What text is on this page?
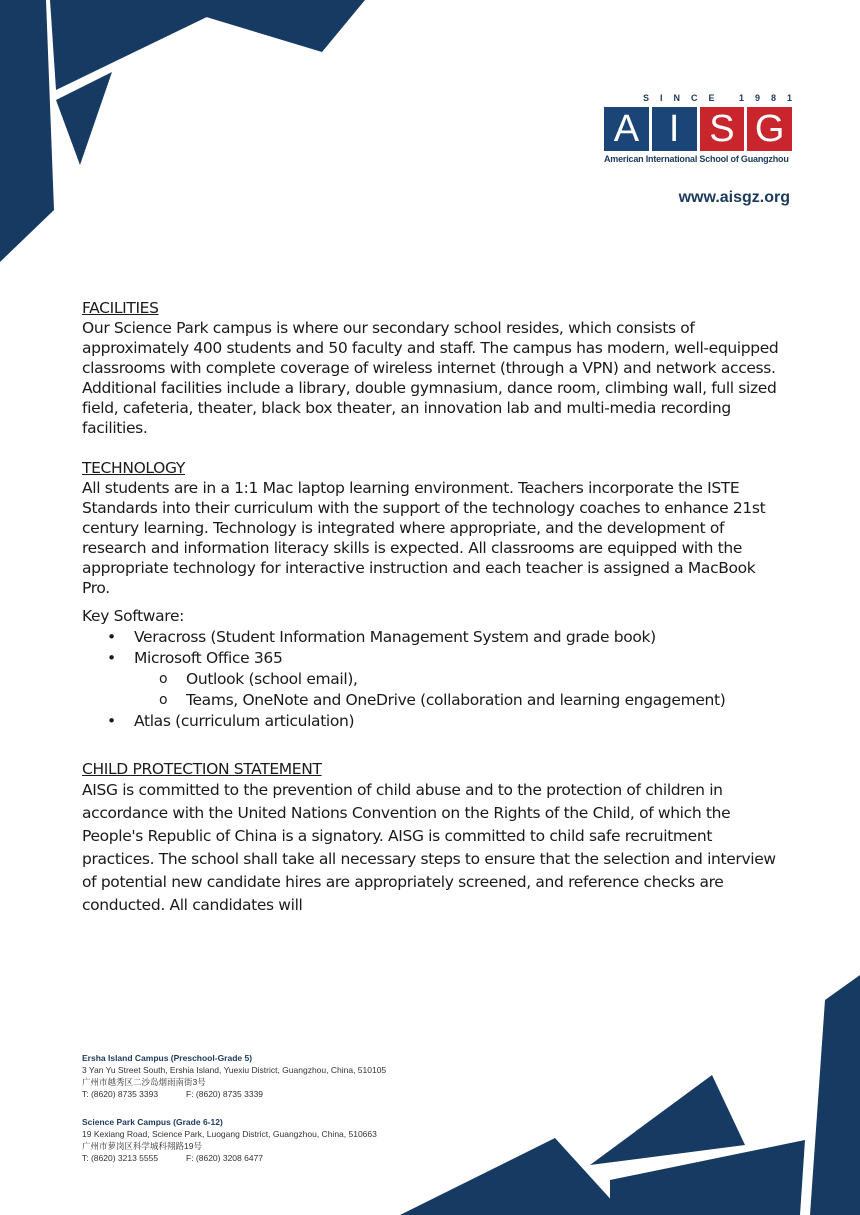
SINCE 1981
A I S G
American International School of Guangzhou
www.aisgz.org
FACILITIES

Our Science Park campus is where our secondary school resides, which consists of approximately 400 students and 50 faculty and staff. The campus has modern, well-equipped classrooms with complete coverage of wireless internet (through a VPN) and network access. Additional facilities include a library, double gymnasium, dance room, climbing wall, full sized field, cafeteria, theater, black box theater, an innovation lab and multi-media recording facilities.

TECHNOLOGY

All students are in a 1:1 Mac laptop learning environment. Teachers incorporate the ISTE Standards into their curriculum with the support of the technology coaches to enhance 21st century learning. Technology is integrated where appropriate, and the development of research and information literacy skills is expected. All classrooms are equipped with the appropriate technology for interactive instruction and each teacher is assigned a MacBook Pro.

Key Software:
• Veracross (Student Information Management System and grade book)
• Microsoft Office 365
o Outlook (school email),
o Teams, OneNote and OneDrive (collaboration and learning engagement)
• Atlas (curriculum articulation)
CHILD PROTECTION STATEMENT

AISG is committed to the prevention of child abuse and to the protection of children in accordance with the United Nations Convention on the Rights of the Child, of which the People's Republic of China is a signatory. AISG is committed to child safe recruitment practices. The school shall take all necessary steps to ensure that the selection and interview of potential new candidate hires are appropriately screened, and reference checks are conducted. All candidates will

Ersha Island Campus (Preschool-Grade 5)
3 Yan Yu Street South, Ershia Island, Yuexiu District, Guangzhou, China, 510105
广州市越秀区二沙岛烟雨南街3号
T: (8620) 8735 3393	F: (8620) 8735 3339
Science Park Campus (Grade 6-12)
19 Kexiang Road, Science Park, Luogang District, Guangzhou, China, 510663
广州市萝岗区科学城科翔路19号
T: (8620) 3213 5555	F: (8620) 3208 6477
